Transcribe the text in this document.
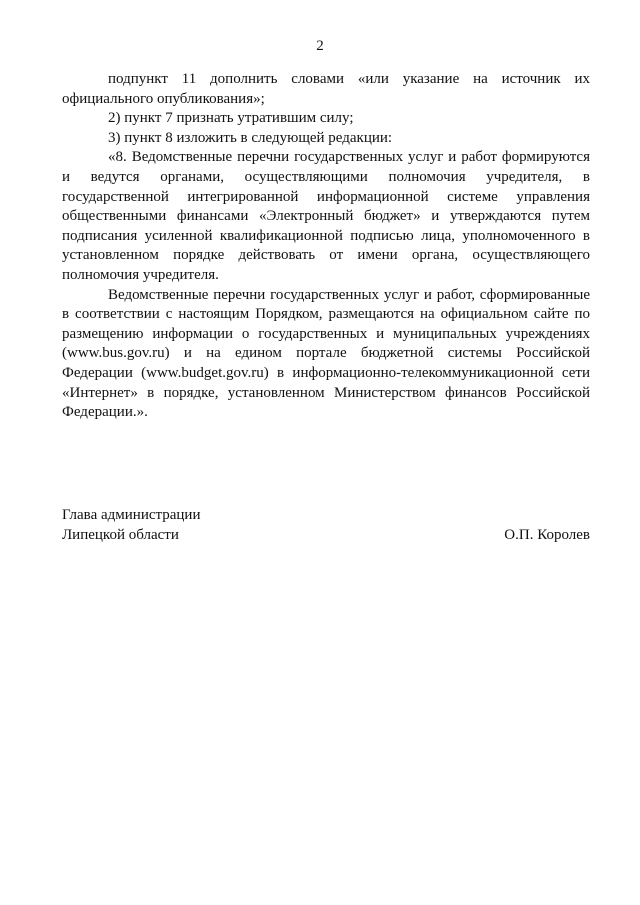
2

подпункт 11 дополнить словами «или указание на источник их официального опубликования»;

2) пункт 7 признать утратившим силу;

3) пункт 8 изложить в следующей редакции:

«8. Ведомственные перечни государственных услуг и работ формируются и ведутся органами, осуществляющими полномочия учредителя, в государственной интегрированной информационной системе управления общественными финансами «Электронный бюджет» и утверждаются путем подписания усиленной квалификационной подписью лица, уполномоченного в установленном порядке действовать от имени органа, осуществляющего полномочия учредителя.

Ведомственные перечни государственных услуг и работ, сформированные в соответствии с настоящим Порядком, размещаются на официальном сайте по размещению информации о государственных и муниципальных учреждениях (www.bus.gov.ru) и на едином портале бюджетной системы Российской Федерации (www.budget.gov.ru) в информационно-телекоммуникационной сети «Интернет» в порядке, установленном Министерством финансов Российской Федерации.».

Глава администрации
Липецкой области	О.П. Королев
